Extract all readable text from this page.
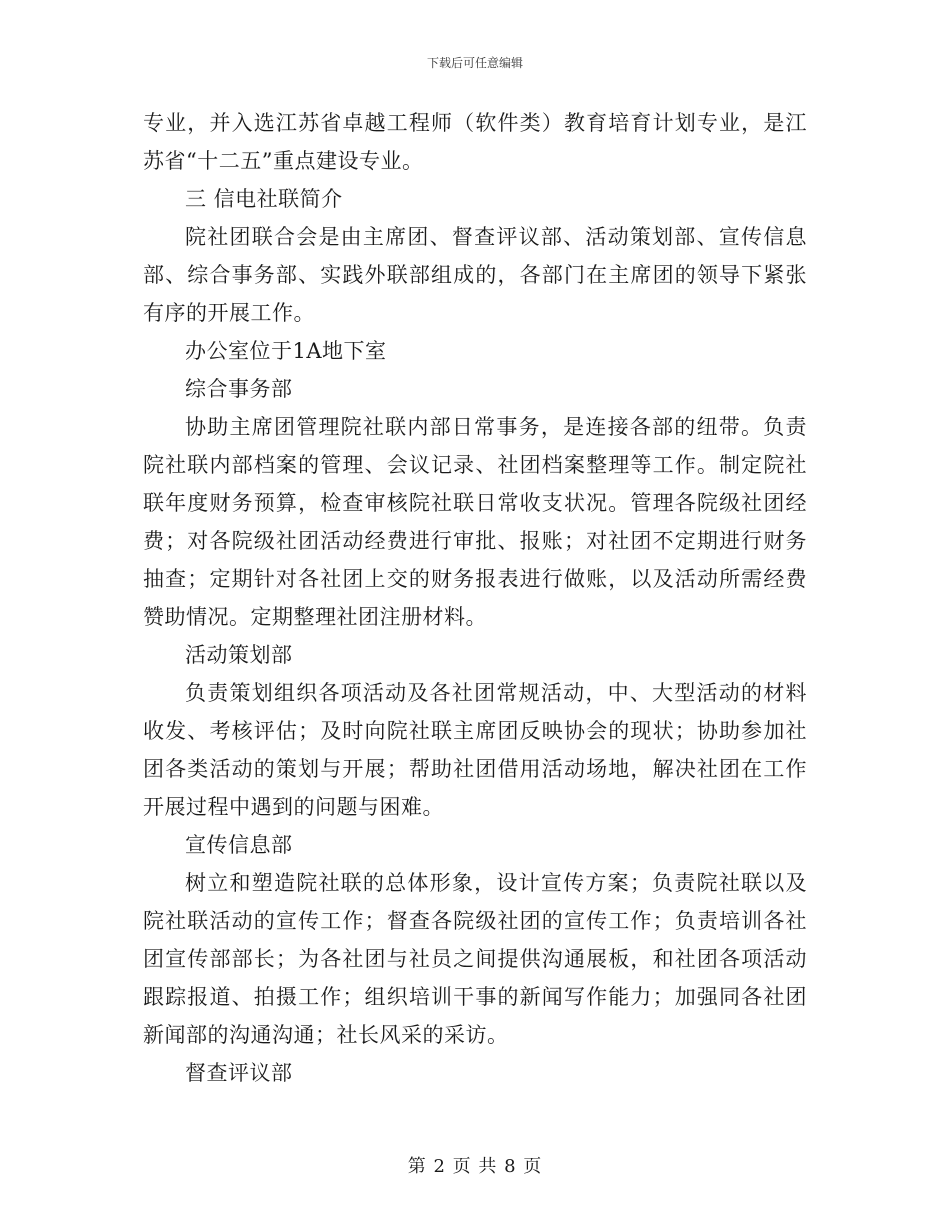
下载后可任意编辑

专业，并入选江苏省卓越工程师（软件类）教育培育计划专业，是江苏省“十二五”重点建设专业。

三 信电社联简介

院社团联合会是由主席团、督查评议部、活动策划部、宣传信息部、综合事务部、实践外联部组成的，各部门在主席团的领导下紧张有序的开展工作。

办公室位于1A地下室

综合事务部

协助主席团管理院社联内部日常事务，是连接各部的纽带。负责院社联内部档案的管理、会议记录、社团档案整理等工作。制定院社联年度财务预算，检查审核院社联日常收支状况。管理各院级社团经费；对各院级社团活动经费进行审批、报账；对社团不定期进行财务抽查；定期针对各社团上交的财务报表进行做账，以及活动所需经费赞助情况。定期整理社团注册材料。

活动策划部

负责策划组织各项活动及各社团常规活动，中、大型活动的材料收发、考核评估；及时向院社联主席团反映协会的现状；协助参加社团各类活动的策划与开展；帮助社团借用活动场地，解决社团在工作开展过程中遇到的问题与困难。

宣传信息部

树立和塑造院社联的总体形象，设计宣传方案；负责院社联以及院社联活动的宣传工作；督查各院级社团的宣传工作；负责培训各社团宣传部部长；为各社团与社员之间提供沟通展板，和社团各项活动跟踪报道、拍摄工作；组织培训干事的新闻写作能力；加强同各社团新闻部的沟通沟通；社长风采的采访。

督查评议部

第 2 页 共 8 页
